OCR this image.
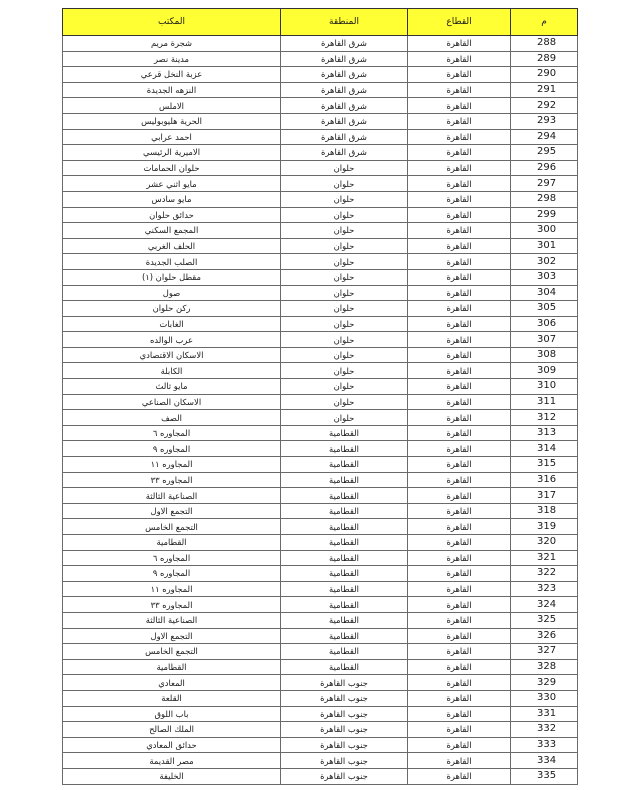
م	القطاع	المنطقة	المكتب
288	القاهرة	شرق القاهرة	شجرة مريم
289	القاهرة	شرق القاهرة	مدينة نصر
290	القاهرة	شرق القاهرة	عزبة النخل قرعي
291	القاهرة	شرق القاهرة	النزهه الجديدة
292	القاهرة	شرق القاهرة	الاملس
293	القاهرة	شرق القاهرة	الحرية هليوبوليس
294	القاهرة	شرق القاهرة	احمد عرابي
295	القاهرة	شرق القاهرة	الاميرية الرئيسي
296	القاهرة	حلوان	حلوان الحمامات
297	القاهرة	حلوان	مايو اثني عشر
298	القاهرة	حلوان	مايو سادس
299	القاهرة	حلوان	حدائق حلوان
300	القاهرة	حلوان	المجمع السكني
301	القاهرة	حلوان	الحلف الغربي
302	القاهرة	حلوان	الصلب الجديدة
303	القاهرة	حلوان	مقطل حلوان (١)
304	القاهرة	حلوان	صول
305	القاهرة	حلوان	ركن حلوان
306	القاهرة	حلوان	الغابات
307	القاهرة	حلوان	عرب الوالده
308	القاهرة	حلوان	الاسكان الاقتصادي
309	القاهرة	حلوان	الكابلة
310	القاهرة	حلوان	مايو ثالث
311	القاهرة	حلوان	الاسكان الصناعي
312	القاهرة	حلوان	الصف
313	القاهرة	القطامية	المجاوره ٦
314	القاهرة	القطامية	المجاوره ٩
315	القاهرة	القطامية	المجاوره ١١
316	القاهرة	القطامية	المجاوره ٣٣
317	القاهرة	القطامية	الصناعية الثالثة
318	القاهرة	القطامية	التجمع الاول
319	القاهرة	القطامية	التجمع الخامس
320	القاهرة	القطامية	القطامية
321	القاهرة	القطامية	المجاوره ٦
322	القاهرة	القطامية	المجاوره ٩
323	القاهرة	القطامية	المجاوره ١١
324	القاهرة	القطامية	المجاوره ٣٣
325	القاهرة	القطامية	الصناعية الثالثة
326	القاهرة	القطامية	التجمع الاول
327	القاهرة	القطامية	التجمع الخامس
328	القاهرة	القطامية	القطامية
329	القاهرة	جنوب القاهرة	المعادي
330	القاهرة	جنوب القاهرة	القلعة
331	القاهرة	جنوب القاهرة	باب اللوق
332	القاهرة	جنوب القاهرة	الملك الصالح
333	القاهرة	جنوب القاهرة	حدائق المعادي
334	القاهرة	جنوب القاهرة	مصر القديمة
335	القاهرة	جنوب القاهرة	الخليفة
